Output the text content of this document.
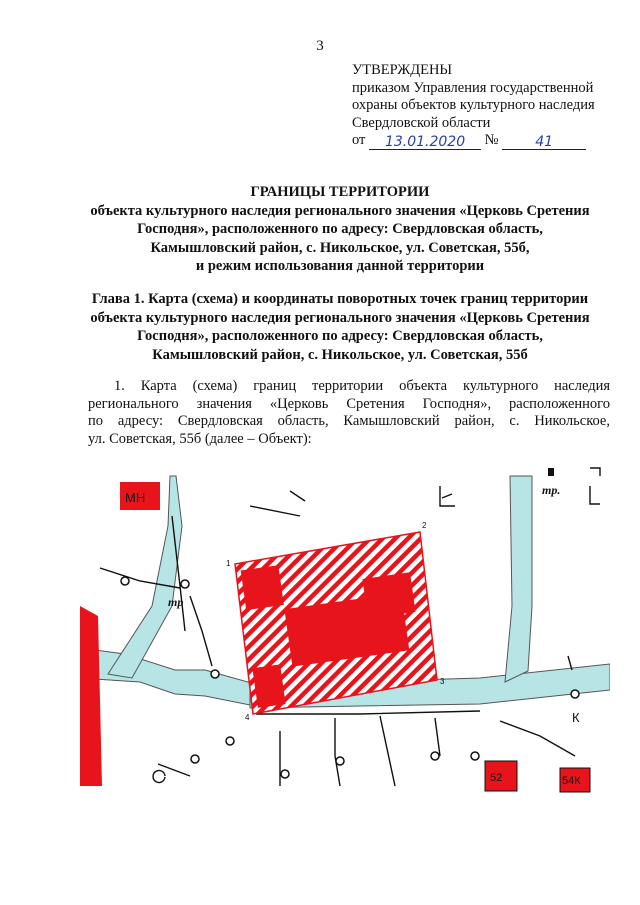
3
УТВЕРЖДЕНЫ
приказом Управления государственной
охраны объектов культурного наследия
Свердловской области
от 13.01.2020 №	41
ГРАНИЦЫ ТЕРРИТОРИИ
объекта культурного наследия регионального значения «Церковь Сретения
Господня», расположенного по адресу: Свердловская область,
Камышловский район, с. Никольское, ул. Советская, 55б,
и режим использования данной территории
Глава 1. Карта (схема) и координаты поворотных точек границ территории
объекта культурного наследия регионального значения «Церковь Сретения
Господня», расположенного по адресу: Свердловская область,
Камышловский район, с. Никольское, ул. Советская, 55б
1. Карта (схема) границ территории объекта культурного наследия
регионального значения «Церковь Сретения Господня», расположенного
по адресу: Свердловская область, Камышловский район, с. Никольское,
ул. Советская, 55б (далее – Объект):
МН
1
2
3
4
52	54К
К
тр
тр.
